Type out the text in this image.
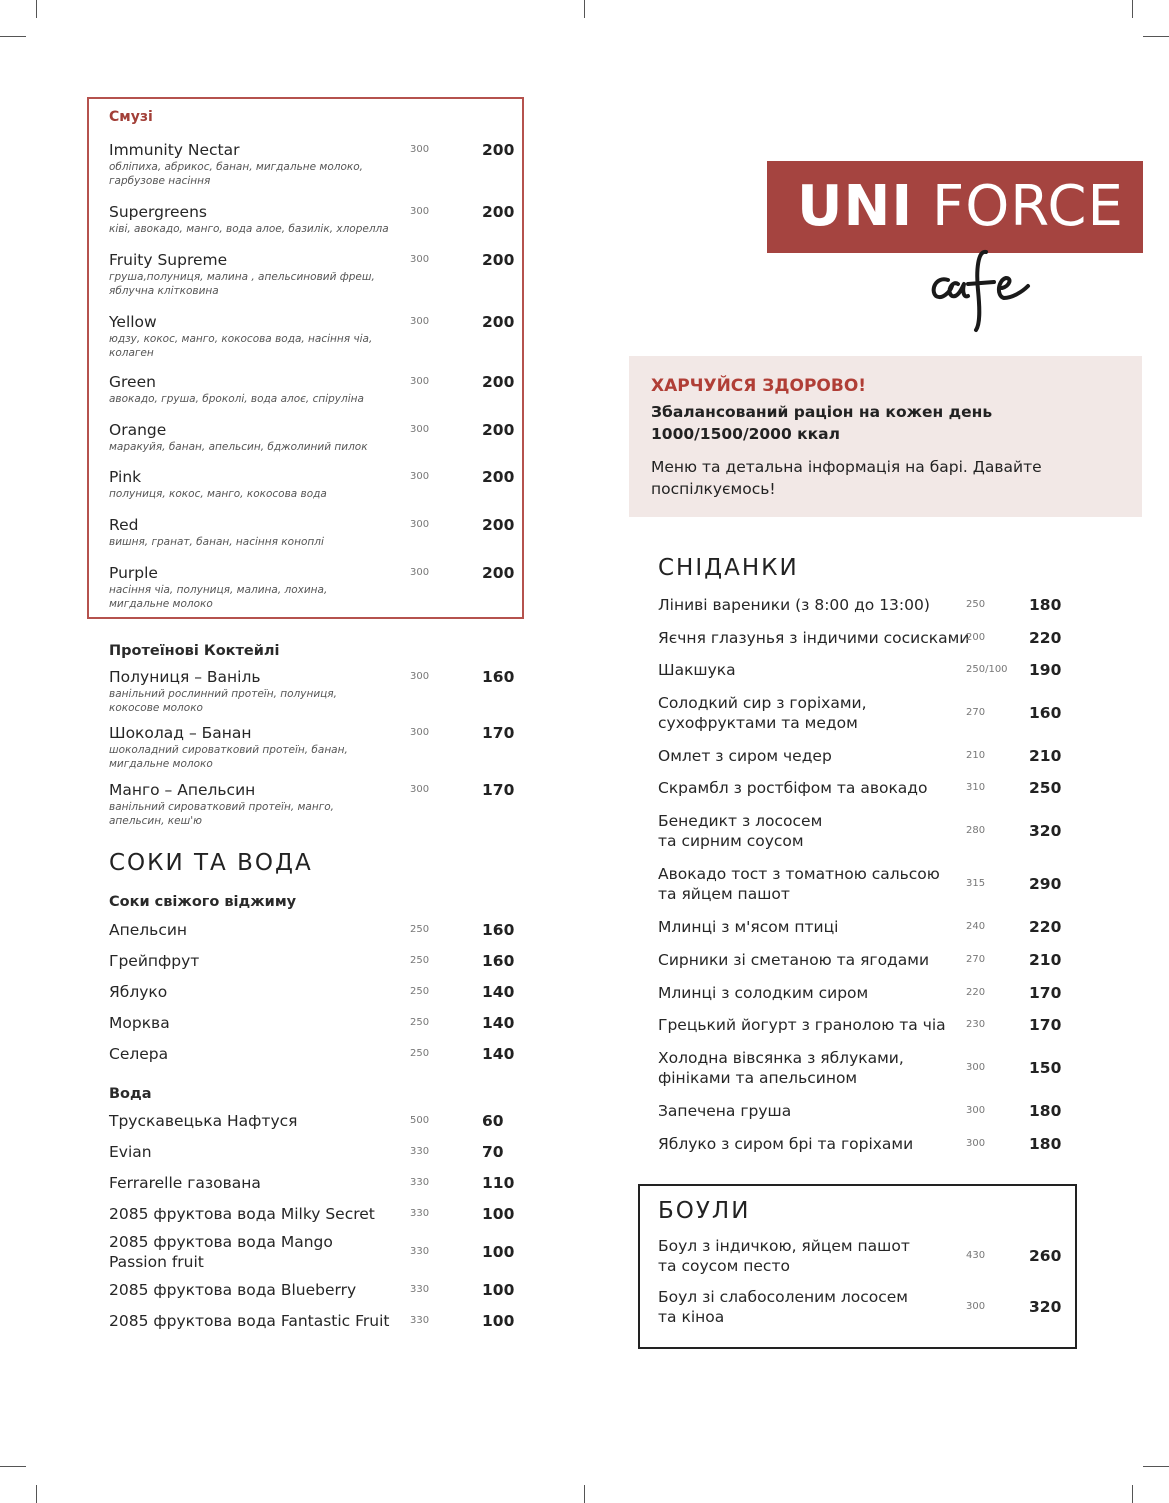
Смузі
Immunity Nectar
обліпиха, абрикос, банан, мигдальне молоко, гарбузове насіння
300	200
Supergreens
ківі, авокадо, манго, вода алое, базилік, хлорелла
300	200
Fruity Supreme
груша,полуниця, малина , апельсиновий фреш, яблучна клітковина
300	200
Yellow
юдзу, кокос, манго, кокосова вода, насіння чіа, колаген
300	200
Green
авокадо, груша, броколі, вода алоє, спіруліна
300	200
Orange
маракуйя, банан, апельсин, бджолиний пилок
300	200
Pink
полуниця, кокос, манго, кокосова вода
300	200
Red
вишня, гранат, банан, насіння коноплі
300	200
Purple
насіння чіа, полуниця, малина, лохина, мигдальне молоко
300	200
Протеїнові Коктейлі
Полуниця – Ваніль
ванільний рослинний протеїн, полуниця, кокосове молоко
300	160
Шоколад – Банан
шоколадний сироватковий протеїн, банан, мигдальне молоко
300	170
Манго – Апельсин
ванільний сироватковий протеїн, манго, апельсин, кеш'ю
300	170
СОКИ ТА ВОДА
Соки свіжого віджиму
Апельсин	250	160
Грейпфрут	250	160
Яблуко	250	140
Морква	250	140
Селера	250	140
Вода
Трускавецька Нафтуся	500	60
Evian	330	70
Ferrarelle газована	330	110
2085 фруктова вода Milky Secret	330	100
2085 фруктова вода Mango
Passion fruit
330	100
2085 фруктова вода Blueberry	330	100
2085 фруктова вода Fantastic Fruit 330	100
UNI FORCE
cafe
ХАРЧУЙСЯ ЗДОРОВО!
Збалансований раціон на кожен день 1000/1500/2000 ккал
Меню та детальна інформація на барі. Давайте поспілкуємось!
СНІДАНКИ
Ліниві вареники (з 8:00 до 13:00)	250	180
Яєчня глазунья з індичими сосисками
200	220
Шакшука	250/100 190
Солодкий сир з горіхами,
сухофруктами та медом
270	160
Омлет з сиром чедер	210	210
Скрамбл з ростбіфом та авокадо	310	250
Бенедикт з лососем
та сирним соусом
280	320
Авокадо тост з томатною сальсою
та яйцем пашот
315	290
Млинці з м'ясом птиці	240	220
Сирники зі сметаною та ягодами	270	210
Млинці з солодким сиром	220	170
Грецький йогурт з гранолою та чіа 230	170
Холодна вівсянка з яблуками,
фініками та апельсином
300	150
Запечена груша	300	180
Яблуко з сиром брі та горіхами	300	180
БОУЛИ
Боул з індичкою, яйцем пашот
та соусом песто
430	260
Боул зі слабосоленим лососем
та кіноа
300	320
